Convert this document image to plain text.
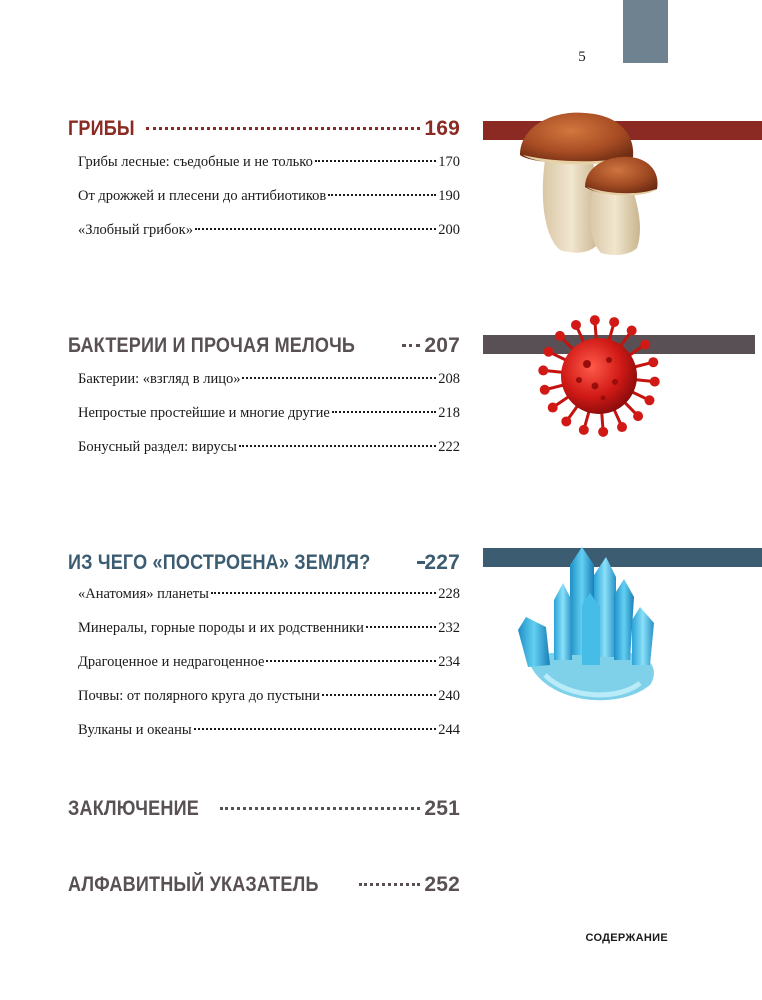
5
ГРИБЫ	169
Грибы лесные: съедобные и не только	170
От дрожжей и плесени до антибиотиков	190
«Злобный грибок»	200
БАКТЕРИИ И ПРОЧАЯ МЕЛОЧЬ	207
Бактерии: «взгляд в лицо»	208
Непростые простейшие и многие другие	218
Бонусный раздел: вирусы	222
ИЗ ЧЕГО «ПОСТРОЕНА» ЗЕМЛЯ?	227
«Анатомия» планеты	228
Минералы, горные породы и их родственники	232
Драгоценное и недрагоценное	234
Почвы: от полярного круга до пустыни	240
Вулканы и океаны	244
ЗАКЛЮЧЕНИЕ	251
АЛФАВИТНЫЙ УКАЗАТЕЛЬ	252
СОДЕРЖАНИЕ
